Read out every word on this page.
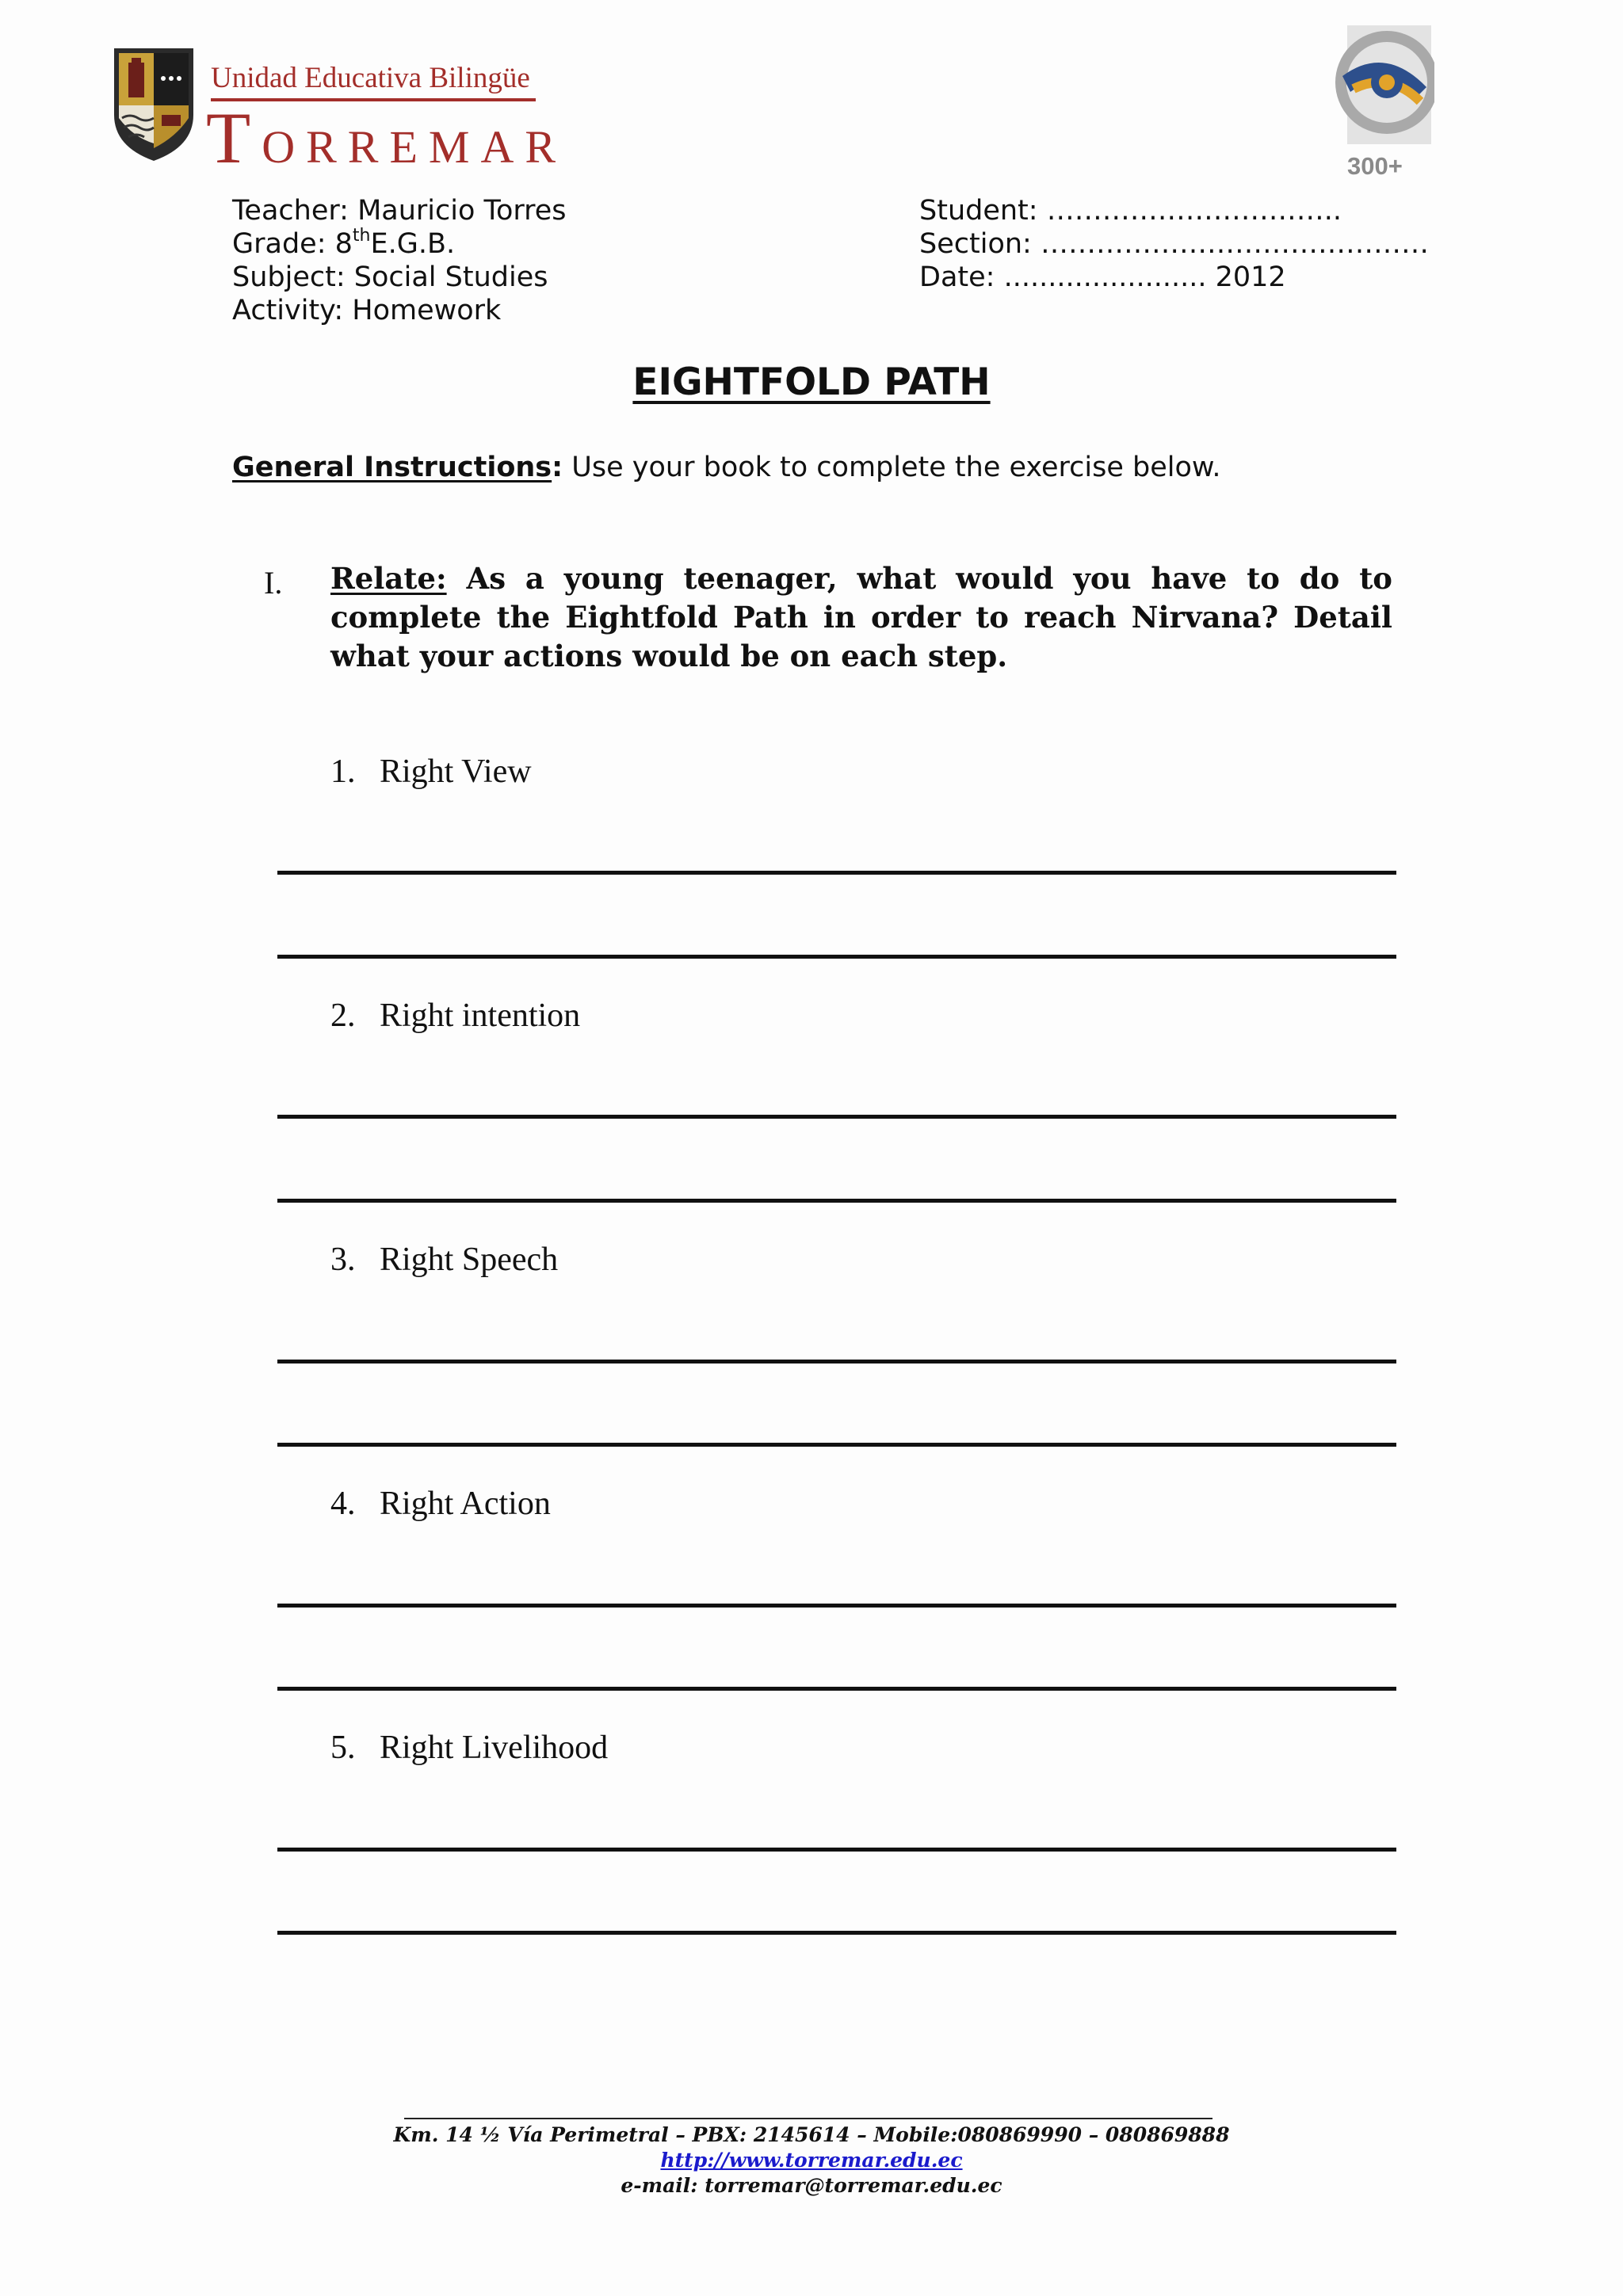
Unidad Educativa Bilingüe
TORREMAR	300+
Teacher: Mauricio Torres
Grade: 8thE.G.B.
Subject: Social Studies
Activity: Homework
Student: …………………………..
Section: ……………………………………
Date: ....................... 2012
EIGHTFOLD PATH
General Instructions: Use your book to complete the exercise below.
I. Relate: As a young teenager, what would you have to do to complete the Eightfold Path in order to reach Nirvana? Detail what your actions would be on each step.
1. Right View
2. Right intention
3. Right Speech
4. Right Action
5. Right Livelihood
Km. 14 ½ Vía Perimetral – PBX: 2145614 – Mobile:080869990 – 080869888
http://www.torremar.edu.ec
e-mail: torremar@torremar.edu.ec
